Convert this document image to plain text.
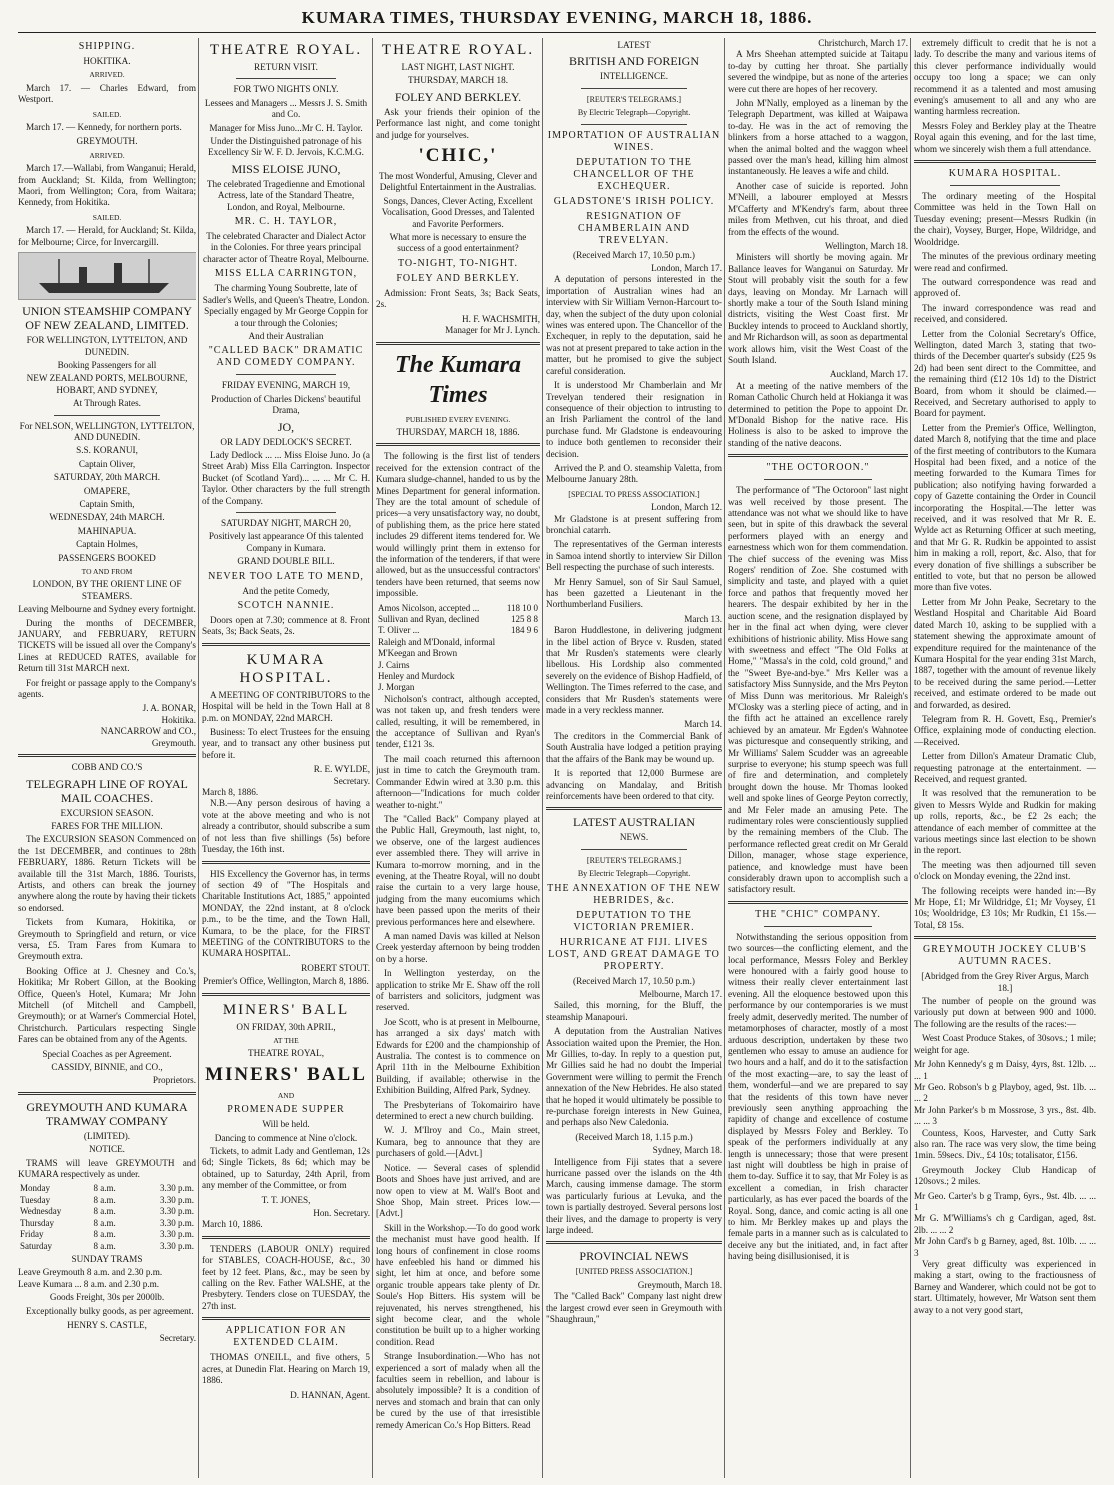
KUMARA TIMES, THURSDAY EVENING, MARCH 18, 1886.
SHIPPING.
HOKITIKA.
ARRIVED.

March 17. — Charles Edward, from Westport.

SAILED.

March 17. — Kennedy, for northern ports.

GREYMOUTH.
ARRIVED.

March 17.—Wallabi, from Wanganui; Herald, from Auckland; St. Kilda, from Wellington; Maori, from Wellington; Cora, from Waitara; Kennedy, from Hokitika.

SAILED.

March 17. — Herald, for Auckland; St. Kilda, for Melbourne; Circe, for Invercargill.

UNION STEAMSHIP COMPANY OF NEW ZEALAND, LIMITED.
FOR WELLINGTON, LYTTELTON, AND DUNEDIN.
Booking Passengers for all
NEW ZEALAND PORTS, MELBOURNE, HOBART, AND SYDNEY,
At Through Rates.
For NELSON, WELLINGTON, LYTTELTON, AND DUNEDIN.
S.S. KORANUI,
Captain Oliver,
SATURDAY, 20th MARCH.
OMAPERE,
Captain Smith,
WEDNESDAY, 24th MARCH.
MAHINAPUA.
Captain Holmes,
PASSENGERS BOOKED
TO AND FROM
LONDON, BY THE ORIENT LINE OF STEAMERS.
Leaving Melbourne and Sydney every fortnight.

During the months of DECEMBER, JANUARY, and FEBRUARY, RETURN TICKETS will be issued all over the Company's Lines at REDUCED RATES, available for Return till 31st MARCH next.

For freight or passage apply to the Company's agents.

J. A. BONAR,
Hokitika.
NANCARROW and CO.,
Greymouth.
COBB AND CO.'S
TELEGRAPH LINE OF ROYAL MAIL COACHES.
EXCURSION SEASON.
FARES FOR THE MILLION.

The EXCURSION SEASON Commenced on the 1st DECEMBER, and continues to 28th FEBRUARY, 1886. Return Tickets will be available till the 31st March, 1886. Tourists, Artists, and others can break the journey anywhere along the route by having their tickets so endorsed.

Tickets from Kumara, Hokitika, or Greymouth to Springfield and return, or vice versa, £5. Tram Fares from Kumara to Greymouth extra.

Booking Office at J. Chesney and Co.'s, Hokitika; Mr Robert Gillon, at the Booking Office, Queen's Hotel, Kumara; Mr John Mitchell (of Mitchell and Campbell, Greymouth); or at Warner's Commercial Hotel, Christchurch. Particulars respecting Single Fares can be obtained from any of the Agents.

Special Coaches as per Agreement.
CASSIDY, BINNIE, and CO.,
Proprietors.
GREYMOUTH AND KUMARA TRAMWAY COMPANY
(LIMITED).
NOTICE.

TRAMS will leave GREYMOUTH and KUMARA respectively as under.

Monday	8 a.m.	3.30 p.m.
Tuesday	8 a.m.	3.30 p.m.
Wednesday	8 a.m.	3.30 p.m.
Thursday	8 a.m.	3.30 p.m.
Friday	8 a.m.	3.30 p.m.
Saturday	8 a.m.	3.30 p.m.
SUNDAY TRAMS
Leave Greymouth 8 a.m. and 2.30 p.m.
Leave Kumara ... 8 a.m. and 2.30 p.m.
Goods Freight, 30s per 2000lb.

Exceptionally bulky goods, as per agreement.

HENRY S. CASTLE,
Secretary.
THEATRE ROYAL.
RETURN VISIT.
FOR TWO NIGHTS ONLY.
Lessees and Managers ... Messrs J. S. Smith and Co.
Manager for Miss Juno...Mr C. H. Taylor.
Under the Distinguished patronage of his Excellency Sir W. F. D. Jervois, K.C.M.G.
MISS ELOISE JUNO,
The celebrated Tragedienne and Emotional Actress, late of the Standard Theatre, London, and Royal, Melbourne.
MR. C. H. TAYLOR,
The celebrated Character and Dialect Actor in the Colonies. For three years principal character actor of Theatre Royal, Melbourne.
MISS ELLA CARRINGTON,
The charming Young Soubrette, late of Sadler's Wells, and Queen's Theatre, London. Specially engaged by Mr George Coppin for a tour through the Colonies;
And their Australian
"CALLED BACK" DRAMATIC AND COMEDY COMPANY.
FRIDAY EVENING, MARCH 19,
Production of Charles Dickens' beautiful Drama,
JO,
OR LADY DEDLOCK'S SECRET.

Lady Dedlock ... ... Miss Eloise Juno. Jo (a Street Arab) Miss Ella Carrington. Inspector Bucket (of Scotland Yard)... ... ... Mr C. H. Taylor. Other characters by the full strength of the Company.

SATURDAY NIGHT, MARCH 20,
Positively last appearance Of this talented Company in Kumara.
GRAND DOUBLE BILL.
NEVER TOO LATE TO MEND,
And the petite Comedy,
SCOTCH NANNIE.

Doors open at 7.30; commence at 8. Front Seats, 3s; Back Seats, 2s.

KUMARA HOSPITAL.

A MEETING OF CONTRIBUTORS to the Hospital will be held in the Town Hall at 8 p.m. on MONDAY, 22nd MARCH.

Business: To elect Trustees for the ensuing year, and to transact any other business put before it.

R. E. WYLDE,
Secretary.
March 8, 1886.

N.B.—Any person desirous of having a vote at the above meeting and who is not already a contributor, should subscribe a sum of not less than five shillings (5s) before Tuesday, the 16th inst.

HIS Excellency the Governor has, in terms of section 49 of "The Hospitals and Charitable Institutions Act, 1885," appointed MONDAY, the 22nd instant, at 8 o'clock p.m., to be the time, and the Town Hall, Kumara, to be the place, for the FIRST MEETING of the CONTRIBUTORS to the KUMARA HOSPITAL.

ROBERT STOUT.
Premier's Office, Wellington, March 8, 1886.
MINERS' BALL
ON FRIDAY, 30th APRIL,
AT THE
THEATRE ROYAL,
MINERS' BALL
AND
PROMENADE SUPPER
Will be held.
Dancing to commence at Nine o'clock.

Tickets, to admit Lady and Gentleman, 12s 6d; Single Tickets, 8s 6d; which may be obtained, up to Saturday, 24th April, from any member of the Committee, or from

T. T. JONES,
Hon. Secretary.
March 10, 1886.

TENDERS (LABOUR ONLY) required for STABLES, COACH-HOUSE, &c., 30 feet by 12 feet. Plans, &c., may be seen by calling on the Rev. Father WALSHE, at the Presbytery. Tenders close on TUESDAY, the 27th inst.

APPLICATION FOR AN EXTENDED CLAIM.

THOMAS O'NEILL, and five others, 5 acres, at Dunedin Flat. Hearing on March 19, 1886.

D. HANNAN, Agent.
THEATRE ROYAL.
LAST NIGHT, LAST NIGHT.
THURSDAY, MARCH 18.
FOLEY AND BERKLEY.

Ask your friends their opinion of the Performance last night, and come tonight and judge for yourselves.

'CHIC,'
The most Wonderful, Amusing, Clever and Delightful Entertainment in the Australias.
Songs, Dances, Clever Acting, Excellent Vocalisation, Good Dresses, and Talented and Favorite Performers.
What more is necessary to ensure the success of a good entertainment?
TO-NIGHT, TO-NIGHT.
FOLEY AND BERKLEY.

Admission: Front Seats, 3s; Back Seats, 2s.

H. F. WACHSMITH,
Manager for Mr J. Lynch.
The Kumara Times
PUBLISHED EVERY EVENING.
THURSDAY, MARCH 18, 1886.

The following is the first list of tenders received for the extension contract of the Kumara sludge-channel, handed to us by the Mines Department for general information. They are the total amount of schedule of prices—a very unsatisfactory way, no doubt, of publishing them, as the price here stated includes 29 different items tendered for. We would willingly print them in extenso for the information of the tenderers, if that were allowed, but as the unsuccessful contractors' tenders have been returned, that seems now impossible.

Amos Nicolson, accepted ...	118 10 0
Sullivan and Ryan, declined	125 8 8
T. Oliver ...	184 9 6
Raleigh and M'Donald, informal	
M'Keegan and Brown	
J. Cairns	
Henley and Murdock	
J. Morgan	

Nicholson's contract, although accepted, was not taken up, and fresh tenders were called, resulting, it will be remembered, in the acceptance of Sullivan and Ryan's tender, £121 3s.

The mail coach returned this afternoon just in time to catch the Greymouth tram. Commander Edwin wired at 3.30 p.m. this afternoon—"Indications for much colder weather to-night."

The "Called Back" Company played at the Public Hall, Greymouth, last night, to, we observe, one of the largest audiences ever assembled there. They will arrive in Kumara to-morrow morning, and in the evening, at the Theatre Royal, will no doubt raise the curtain to a very large house, judging from the many eucomiums which have been passed upon the merits of their previous performances here and elsewhere.

A man named Davis was killed at Nelson Creek yesterday afternoon by being trodden on by a horse.

In Wellington yesterday, on the application to strike Mr E. Shaw off the roll of barristers and solicitors, judgment was reserved.

Joe Scott, who is at present in Melbourne, has arranged a six days' match with Edwards for £200 and the championship of Australia. The contest is to commence on April 11th in the Melbourne Exhibition Building, if available; otherwise in the Exhibition Building, Alfred Park, Sydney.

The Presbyterians of Tokomairiro have determined to erect a new church building.

W. J. M'Ilroy and Co., Main street, Kumara, beg to announce that they are purchasers of gold.—[Advt.]

Notice. — Several cases of splendid Boots and Shoes have just arrived, and are now open to view at M. Wall's Boot and Shoe Shop, Main street. Prices low.—[Advt.]

Skill in the Workshop.—To do good work the mechanist must have good health. If long hours of confinement in close rooms have enfeebled his hand or dimmed his sight, let him at once, and before some organic trouble appears take plenty of Dr. Soule's Hop Bitters. His system will be rejuvenated, his nerves strengthened, his sight become clear, and the whole constitution be built up to a higher working condition. Read

Strange Insubordination.—Who has not experienced a sort of malady when all the faculties seem in rebellion, and labour is absolutely impossible? It is a condition of nerves and stomach and brain that can only be cured by the use of that irresistible remedy American Co.'s Hop Bitters. Read

LATEST
BRITISH AND FOREIGN
INTELLIGENCE.
[REUTER'S TELEGRAMS.]
By Electric Telegraph—Copyright.
IMPORTATION OF AUSTRALIAN WINES.
DEPUTATION TO THE CHANCELLOR OF THE EXCHEQUER.
GLADSTONE'S IRISH POLICY.
RESIGNATION OF CHAMBERLAIN AND TREVELYAN.
(Received March 17, 10.50 p.m.)
London, March 17.

A deputation of persons interested in the importation of Australian wines had an interview with Sir William Vernon-Harcourt to-day, when the subject of the duty upon colonial wines was entered upon. The Chancellor of the Exchequer, in reply to the deputation, said he was not at present prepared to take action in the matter, but he promised to give the subject careful consideration.

It is understood Mr Chamberlain and Mr Trevelyan tendered their resignation in consequence of their objection to intrusting to an Irish Parliament the control of the land purchase fund. Mr Gladstone is endeavouring to induce both gentlemen to reconsider their decision.

Arrived the P. and O. steamship Valetta, from Melbourne January 28th.

[SPECIAL TO PRESS ASSOCIATION.]
London, March 12.

Mr Gladstone is at present suffering from bronchial catarrh.

The representatives of the German interests in Samoa intend shortly to interview Sir Dillon Bell respecting the purchase of such interests.

Mr Henry Samuel, son of Sir Saul Samuel, has been gazetted a Lieutenant in the Northumberland Fusiliers.

March 13.

Baron Huddlestone, in delivering judgment in the libel action of Bryce v. Rusden, stated that Mr Rusden's statements were clearly libellous. His Lordship also commented severely on the evidence of Bishop Hadfield, of Wellington. The Times referred to the case, and considers that Mr Rusden's statements were made in a very reckless manner.

March 14.

The creditors in the Commercial Bank of South Australia have lodged a petition praying that the affairs of the Bank may be wound up.

It is reported that 12,000 Burmese are advancing on Mandalay, and British reinforcements have been ordered to that city.

LATEST AUSTRALIAN
NEWS.
[REUTER'S TELEGRAMS.]
By Electric Telegraph—Copyright.
THE ANNEXATION OF THE NEW HEBRIDES, &c.
DEPUTATION TO THE VICTORIAN PREMIER.
HURRICANE AT FIJI. LIVES LOST, AND GREAT DAMAGE TO PROPERTY.
(Received March 17, 10.50 p.m.)
Melbourne, March 17.

Sailed, this morning, for the Bluff, the steamship Manapouri.

A deputation from the Australian Natives Association waited upon the Premier, the Hon. Mr Gillies, to-day. In reply to a question put, Mr Gillies said he had no doubt the Imperial Government were willing to permit the French annexation of the New Hebrides. He also stated that he hoped it would ultimately be possible to re-purchase foreign interests in New Guinea, and perhaps also New Caledonia.

(Received March 18, 1.15 p.m.)
Sydney, March 18.

Intelligence from Fiji states that a severe hurricane passed over the islands on the 4th March, causing immense damage. The storm was particularly furious at Levuka, and the town is partially destroyed. Several persons lost their lives, and the damage to property is very large indeed.

PROVINCIAL NEWS
[UNITED PRESS ASSOCIATION.]
Greymouth, March 18.

The "Called Back" Company last night drew the largest crowd ever seen in Greymouth with "Shaughraun,"

Christchurch, March 17.

A Mrs Sheehan attempted suicide at Taitapu to-day by cutting her throat. She partially severed the windpipe, but as none of the arteries were cut there are hopes of her recovery.

John M'Nally, employed as a lineman by the Telegraph Department, was killed at Waipawa to-day. He was in the act of removing the blinkers from a horse attached to a waggon, when the animal bolted and the waggon wheel passed over the man's head, killing him almost instantaneously. He leaves a wife and child.

Another case of suicide is reported. John M'Neill, a labourer employed at Messrs M'Cafferty and M'Kendry's farm, about three miles from Methven, cut his throat, and died from the effects of the wound.

Wellington, March 18.

Ministers will shortly be moving again. Mr Ballance leaves for Wanganui on Saturday. Mr Stout will probably visit the south for a few days, leaving on Monday. Mr Larnach will shortly make a tour of the South Island mining districts, visiting the West Coast first. Mr Buckley intends to proceed to Auckland shortly, and Mr Richardson will, as soon as departmental work allows him, visit the West Coast of the South Island.

Auckland, March 17.

At a meeting of the native members of the Roman Catholic Church held at Hokianga it was determined to petition the Pope to appoint Dr. M'Donald Bishop for the native race. His Holiness is also to be asked to improve the standing of the native deacons.

"THE OCTOROON."

The performance of "The Octoroon" last night was well received by those present. The attendance was not what we should like to have seen, but in spite of this drawback the several performers played with an energy and earnestness which won for them commendation. The chief success of the evening was Miss Rogers' rendition of Zoe. She costumed with simplicity and taste, and played with a quiet force and pathos that frequently moved her hearers. The despair exhibited by her in the auction scene, and the resignation displayed by her in the final act when dying, were clever exhibitions of histrionic ability. Miss Howe sang with sweetness and effect "The Old Folks at Home," "Massa's in the cold, cold ground," and the "Sweet Bye-and-bye." Mrs Keller was a satisfactory Miss Sunnyside, and the Mrs Peyton of Miss Dunn was meritorious. Mr Raleigh's M'Closky was a sterling piece of acting, and in the fifth act he attained an excellence rarely achieved by an amateur. Mr Egden's Wahnotee was picturesque and consequently striking, and Mr Williams' Salem Scudder was an agreeable surprise to everyone; his stump speech was full of fire and determination, and completely brought down the house. Mr Thomas looked well and spoke lines of George Peyton correctly, and Mr Feler made an amusing Pete. The rudimentary roles were conscientiously supplied by the remaining members of the Club. The performance reflected great credit on Mr Gerald Dillon, manager, whose stage experience, patience, and knowledge must have been considerably drawn upon to accomplish such a satisfactory result.

THE "CHIC" COMPANY.

Notwithstanding the serious opposition from two sources—the conflicting element, and the local performance, Messrs Foley and Berkley were honoured with a fairly good house to witness their really clever entertainment last evening. All the eloquence bestowed upon this performance by our contemporaries is we must freely admit, deservedly merited. The number of metamorphoses of character, mostly of a most arduous description, undertaken by these two gentlemen who essay to amuse an audience for two hours and a half, and do it to the satisfaction of the most exacting—are, to say the least of them, wonderful—and we are prepared to say that the residents of this town have never previously seen anything approaching the rapidity of change and excellence of costume displayed by Messrs Foley and Berkley. To speak of the performers individually at any length is unnecessary; those that were present last night will doubtless be high in praise of them to-day. Suffice it to say, that Mr Foley is as excellent a comedian, in Irish character particularly, as has ever paced the boards of the Royal. Song, dance, and comic acting is all one to him. Mr Berkley makes up and plays the female parts in a manner such as is calculated to deceive any but the initiated, and, in fact after having being disillusionised, it is

extremely difficult to credit that he is not a lady. To describe the many and various items of this clever performance individually would occupy too long a space; we can only recommend it as a talented and most amusing evening's amusement to all and any who are wanting harmless recreation.

Messrs Foley and Berkley play at the Theatre Royal again this evening, and for the last time, whom we sincerely wish them a full attendance.

KUMARA HOSPITAL.

The ordinary meeting of the Hospital Committee was held in the Town Hall on Tuesday evening; present—Messrs Rudkin (in the chair), Voysey, Burger, Hope, Wildridge, and Wooldridge.

The minutes of the previous ordinary meeting were read and confirmed.

The outward correspondence was read and approved of.

The inward correspondence was read and received, and considered.

Letter from the Colonial Secretary's Office, Wellington, dated March 3, stating that two-thirds of the December quarter's subsidy (£25 9s 2d) had been sent direct to the Committee, and the remaining third (£12 10s 1d) to the District Board, from whom it should be claimed.—Received, and Secretary authorised to apply to Board for payment.

Letter from the Premier's Office, Wellington, dated March 8, notifying that the time and place of the first meeting of contributors to the Kumara Hospital had been fixed, and a notice of the meeting forwarded to the Kumara Times for publication; also notifying having forwarded a copy of Gazette containing the Order in Council incorporating the Hospital.—The letter was received, and it was resolved that Mr R. E. Wylde act as Returning Officer at such meeting, and that Mr G. R. Rudkin be appointed to assist him in making a roll, report, &c. Also, that for every donation of five shillings a subscriber be entitled to vote, but that no person be allowed more than five votes.

Letter from Mr John Peake, Secretary to the Westland Hospital and Charitable Aid Board dated March 10, asking to be supplied with a statement shewing the approximate amount of expenditure required for the maintenance of the Kumara Hospital for the year ending 31st March, 1887, together with the amount of revenue likely to be received during the same period.—Letter received, and estimate ordered to be made out and forwarded, as desired.

Telegram from R. H. Govett, Esq., Premier's Office, explaining mode of conducting election.—Received.

Letter from Dillon's Amateur Dramatic Club, requesting patronage at the entertainment. — Received, and request granted.

It was resolved that the remuneration to be given to Messrs Wylde and Rudkin for making up rolls, reports, &c., be £2 2s each; the attendance of each member of committee at the various meetings since last election to be shown in the report.

The meeting was then adjourned till seven o'clock on Monday evening, the 22nd inst.

The following receipts were handed in:—By Mr Hope, £1; Mr Wildridge, £1; Mr Voysey, £1 10s; Wooldridge, £3 10s; Mr Rudkin, £1 15s.—Total, £8 15s.

GREYMOUTH JOCKEY CLUB'S AUTUMN RACES.
[Abridged from the Grey River Argus, March 18.]

The number of people on the ground was variously put down at between 900 and 1000. The following are the results of the races:—

West Coast Produce Stakes, of 30sovs.; 1 mile; weight for age.

Mr John Kennedy's g m Daisy, 4yrs, 8st. 12lb. ... ... 1
Mr Geo. Robson's b g Playboy, aged, 9st. 1lb. ... ... 2
Mr John Parker's b m Mossrose, 3 yrs., 8st. 4lb. ... ... 3

Countess, Koos, Harvester, and Cutty Sark also ran. The race was very slow, the time being 1min. 59secs. Div., £4 10s; totalisator, £156.

Greymouth Jockey Club Handicap of 120sovs.; 2 miles.

Mr Geo. Carter's b g Tramp, 6yrs., 9st. 4lb. ... ... 1
Mr G. M'Williams's ch g Cardigan, aged, 8st. 2lb. ... ... 2
Mr John Card's b g Barney, aged, 8st. 10lb. ... ... 3

Very great difficulty was experienced in making a start, owing to the fractiousness of Barney and Wanderer, which could not be got to start. Ultimately, however, Mr Watson sent them away to a not very good start,
